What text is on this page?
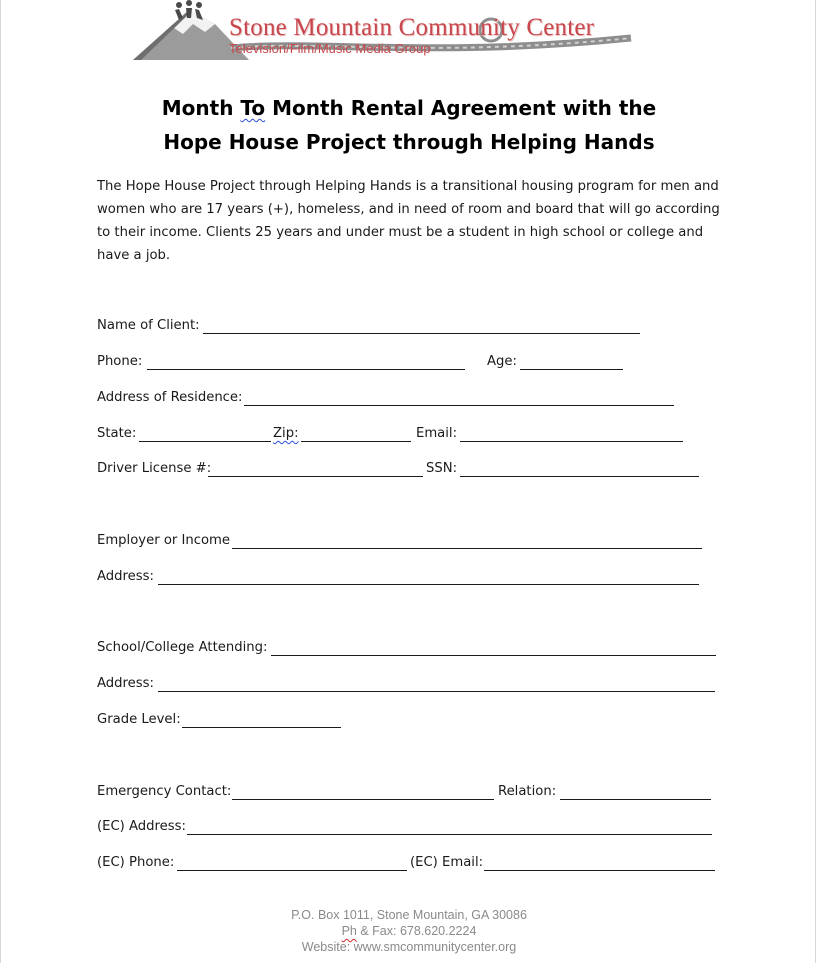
Stone Mountain Community Center
Television/Film/Music Media Group
Month To Month Rental Agreement with the
Hope House Project through Helping Hands
The Hope House Project through Helping Hands is a transitional housing program for men and women who are 17 years (+), homeless, and in need of room and board that will go according to their income. Clients 25 years and under must be a student in high school or college and have a job.
Name of Client:
Phone:	Age:
Address of Residence:
State:	Zip:	Email:
Driver License #:	SSN:
Employer or Income
Address:
School/College Attending:
Address:
Grade Level:
Emergency Contact:	Relation:
(EC) Address:
(EC) Phone:	(EC) Email:
P.O. Box 1011, Stone Mountain, GA 30086
Ph & Fax: 678.620.2224
Website: www.smcommunitycenter.org
